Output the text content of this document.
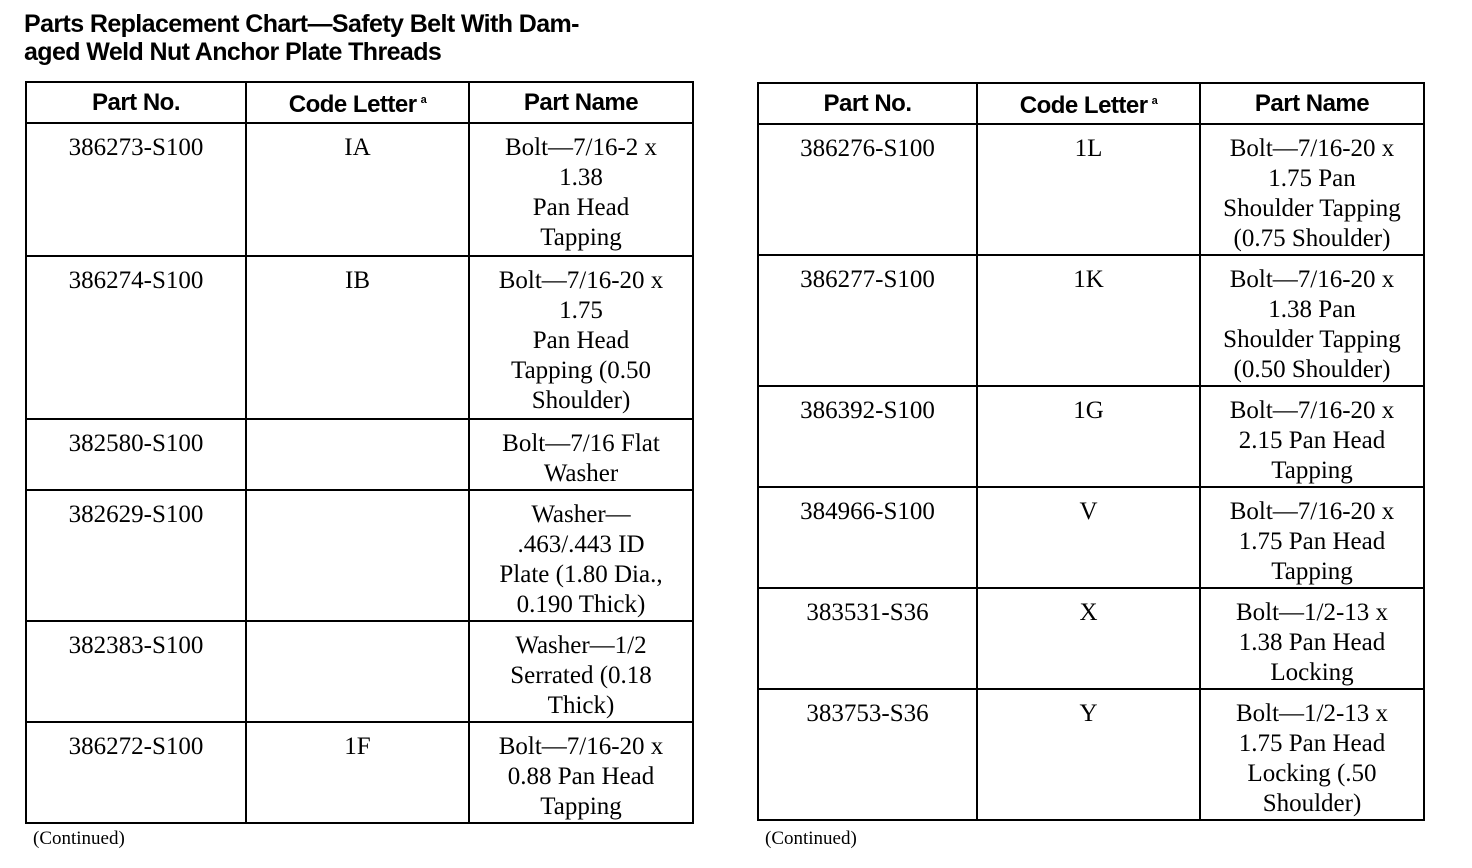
Parts Replacement Chart—Safety Belt With Dam-
aged Weld Nut Anchor Plate Threads
Part No.	Code Letter $^a$	Part Name
386273-S100	IA	Bolt—7/16-2 x
1.38
Pan Head
Tapping

386274-S100	IB	Bolt—7/16-20 x
1.75
Pan Head
Tapping (0.50
Shoulder)

382580-S100		Bolt—7/16 Flat
Washer

382629-S100		Washer—
.463/.443 ID
Plate (1.80 Dia.,
0.190 Thick)

382383-S100		Washer—1/2
Serrated (0.18
Thick)

386272-S100	1F	Bolt—7/16-20 x
0.88 Pan Head
Tapping
Part No.	Code Letter $^a$	Part Name
386276-S100	1L	Bolt—7/16-20 x
1.75 Pan
Shoulder Tapping
(0.75 Shoulder)

386277-S100	1K	Bolt—7/16-20 x
1.38 Pan
Shoulder Tapping
(0.50 Shoulder)

386392-S100	1G	Bolt—7/16-20 x
2.15 Pan Head
Tapping

384966-S100	V	Bolt—7/16-20 x
1.75 Pan Head
Tapping

383531-S36	X	Bolt—1/2-13 x
1.38 Pan Head
Locking

383753-S36	Y	Bolt—1/2-13 x
1.75 Pan Head
Locking (.50
Shoulder)
(Continued)	(Continued)
